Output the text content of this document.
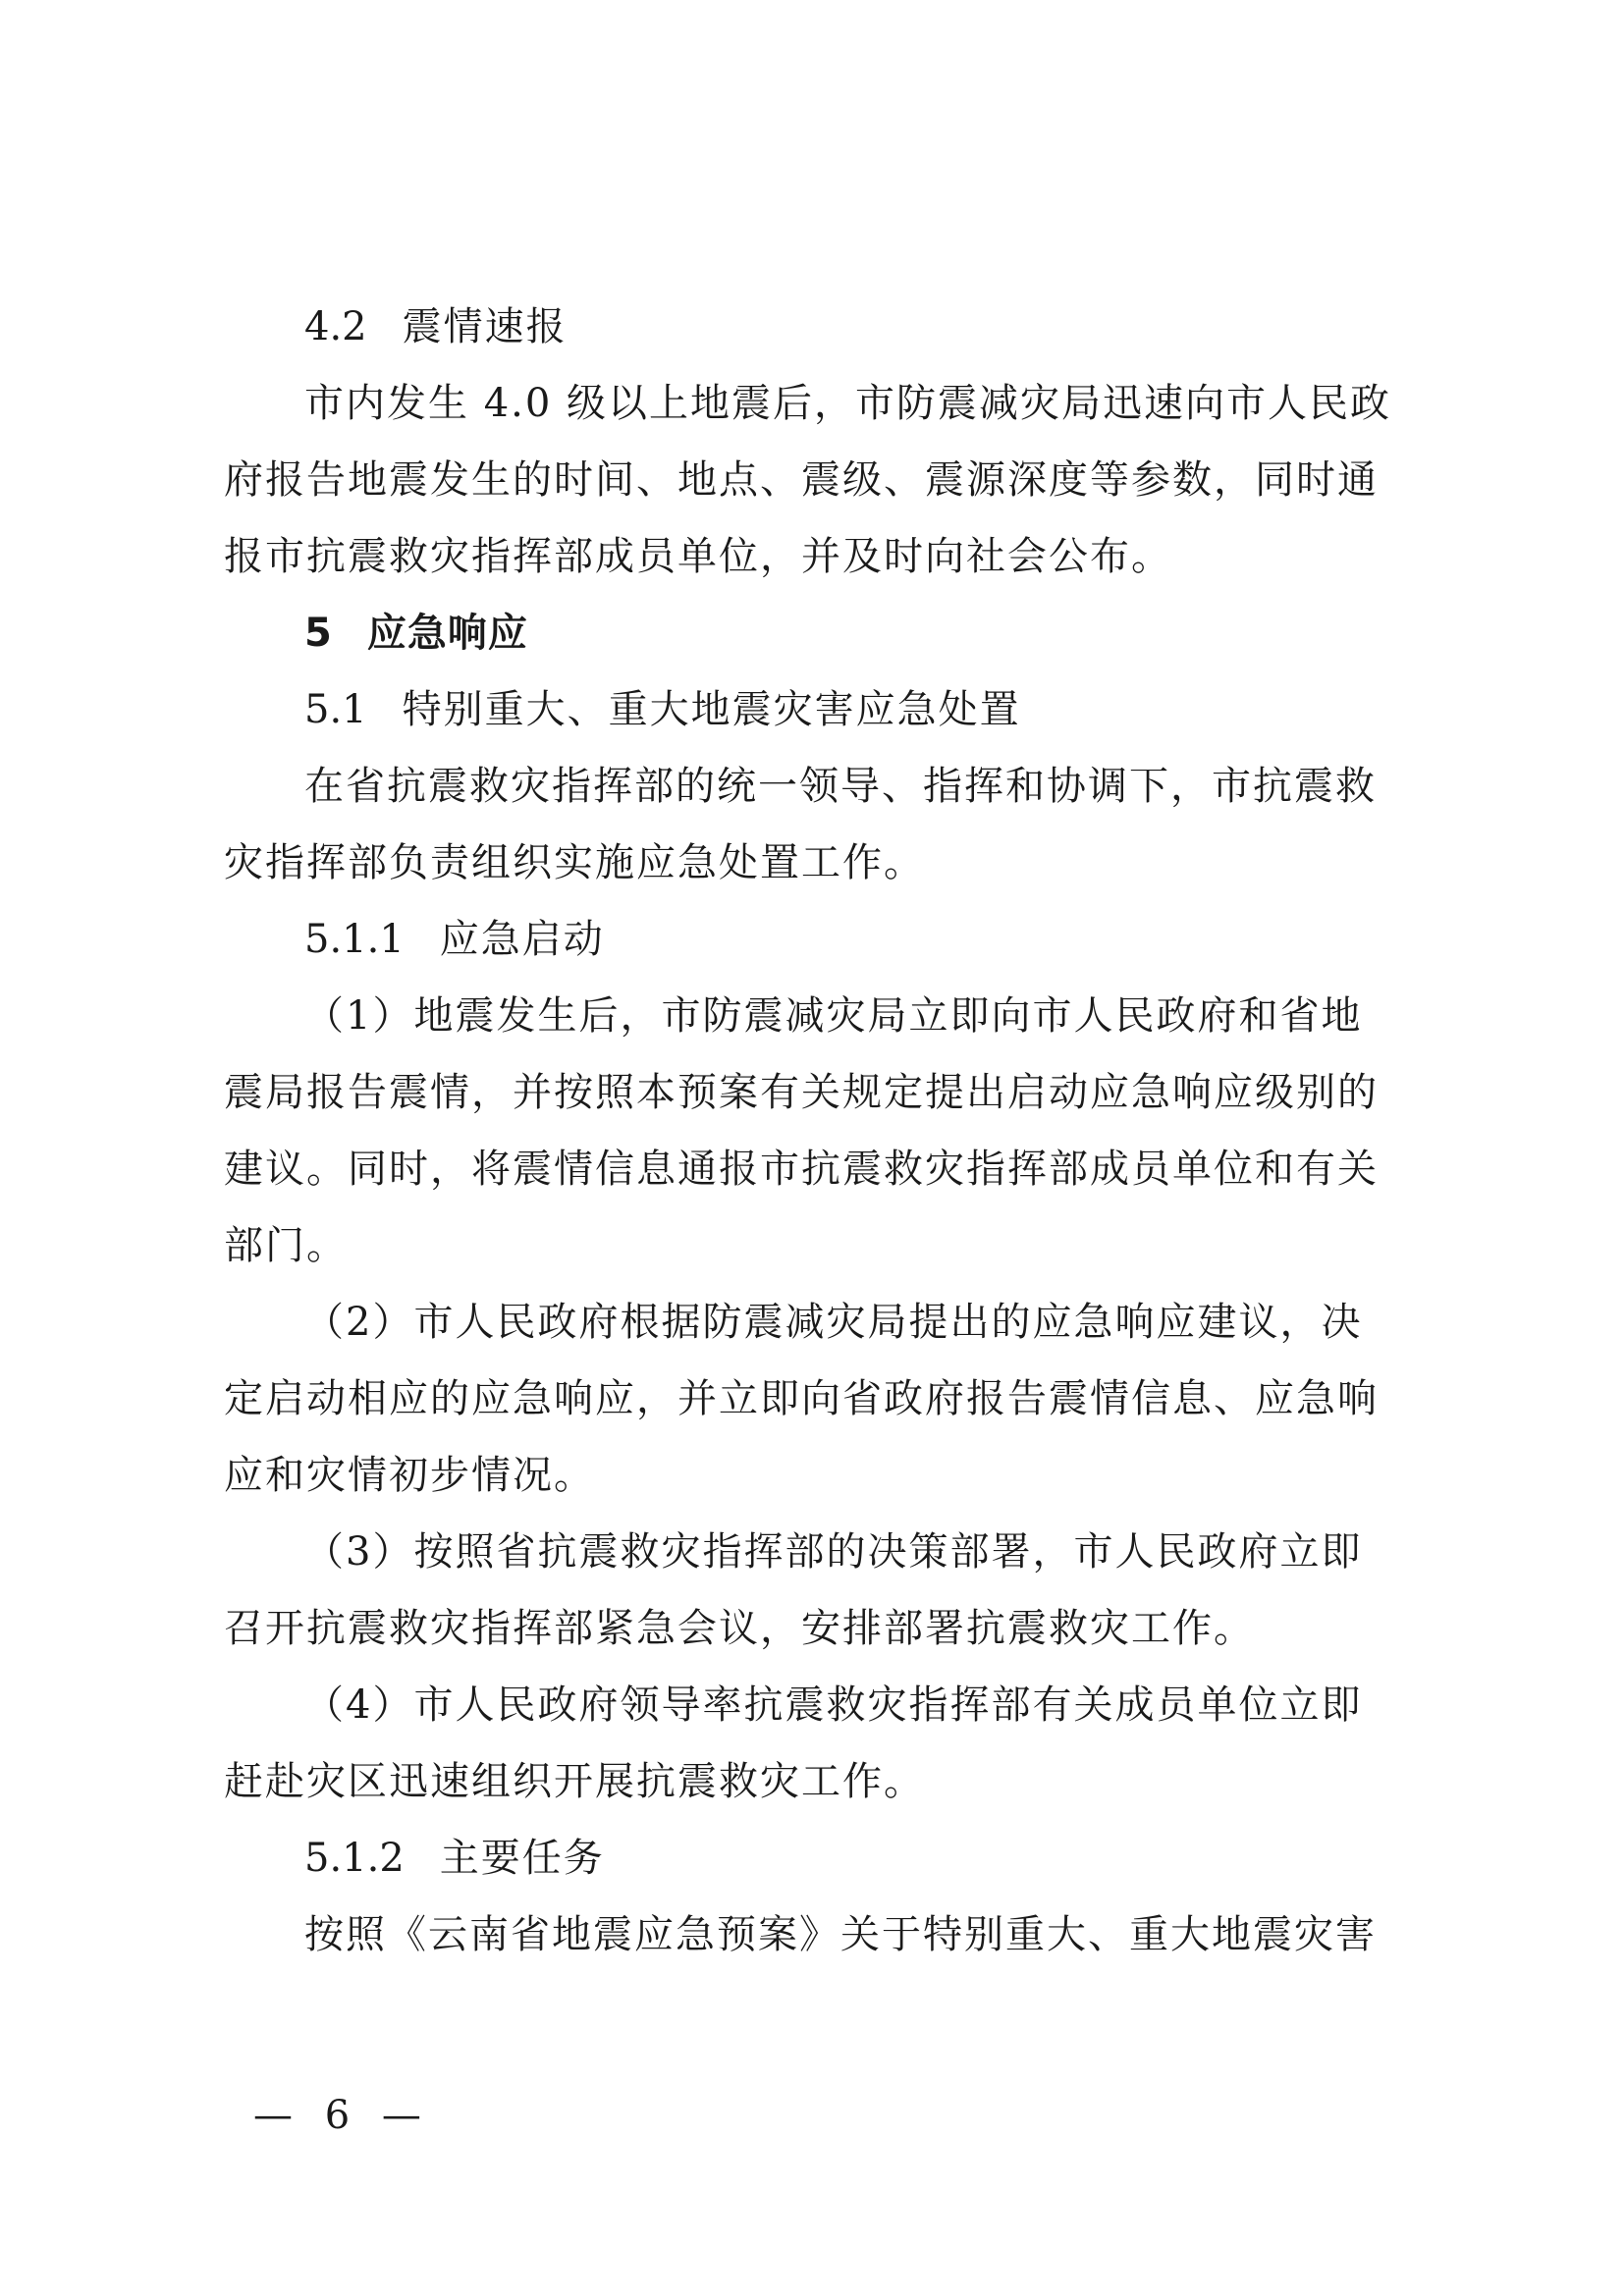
4.2 震情速报
市内发生 4.0 级以上地震后，市防震减灾局迅速向市人民政
府报告地震发生的时间、地点、震级、震源深度等参数，同时通
报市抗震救灾指挥部成员单位，并及时向社会公布。
5 应急响应
5.1 特别重大、重大地震灾害应急处置
在省抗震救灾指挥部的统一领导、指挥和协调下，市抗震救
灾指挥部负责组织实施应急处置工作。
5.1.1 应急启动
（1）地震发生后，市防震减灾局立即向市人民政府和省地
震局报告震情，并按照本预案有关规定提出启动应急响应级别的
建议。同时，将震情信息通报市抗震救灾指挥部成员单位和有关
部门。
（2）市人民政府根据防震减灾局提出的应急响应建议，决
定启动相应的应急响应，并立即向省政府报告震情信息、应急响
应和灾情初步情况。
（3）按照省抗震救灾指挥部的决策部署，市人民政府立即
召开抗震救灾指挥部紧急会议，安排部署抗震救灾工作。
（4）市人民政府领导率抗震救灾指挥部有关成员单位立即
赶赴灾区迅速组织开展抗震救灾工作。
5.1.2 主要任务
按照《云南省地震应急预案》关于特别重大、重大地震灾害
— 6 —
